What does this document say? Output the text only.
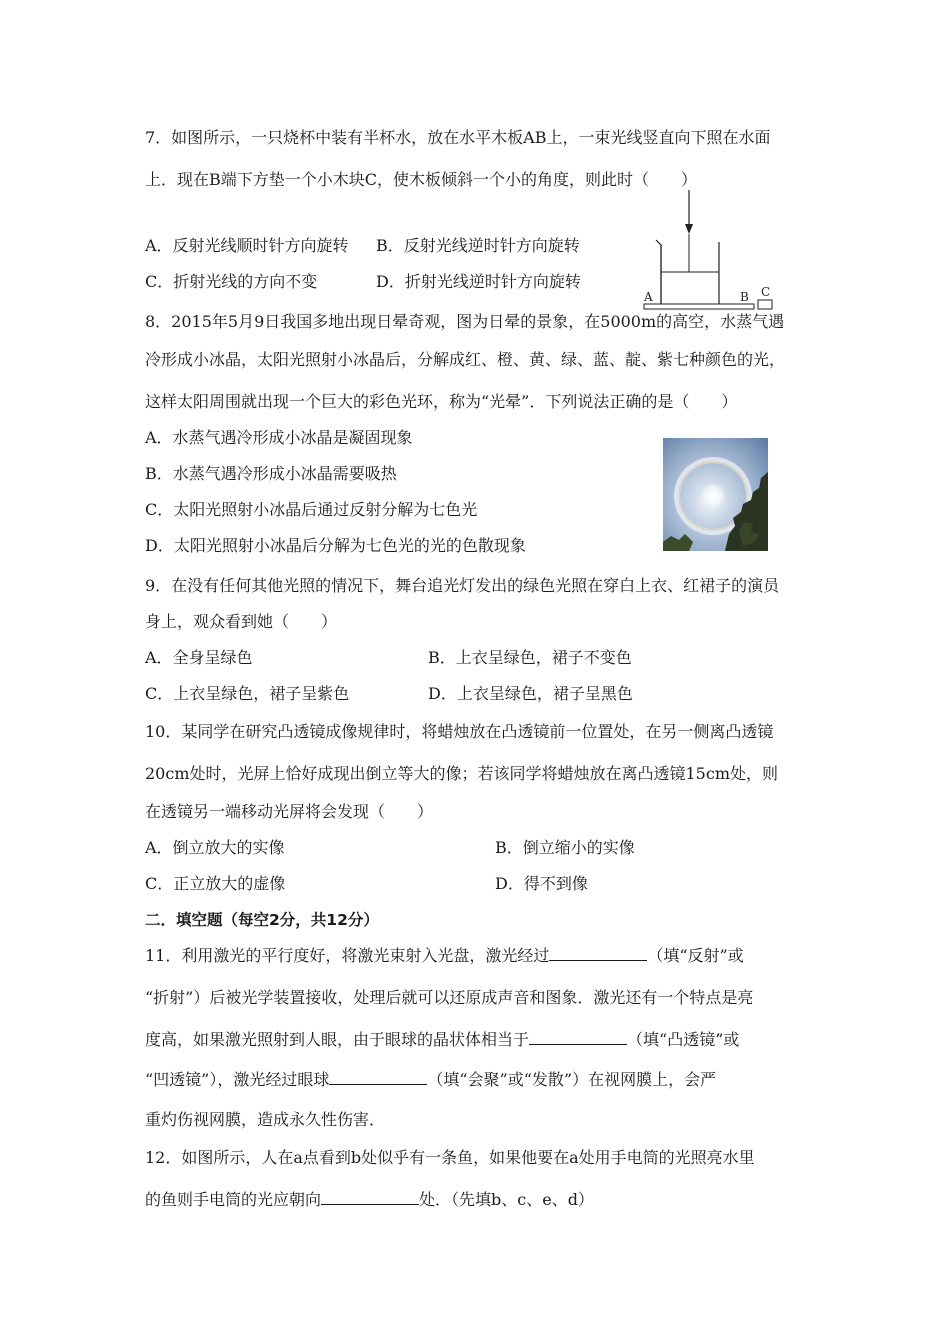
7．如图所示，一只烧杯中装有半杯水，放在水平木板AB上，一束光线竖直向下照在水面
上．现在B端下方垫一个小木块C，使木板倾斜一个小的角度，则此时（　　）
A．反射光线顺时针方向旋转 B．反射光线逆时针方向旋转
C．折射光线的方向不变	D．折射光线逆时针方向旋转
A	B C
8．2015年5月9日我国多地出现日晕奇观，图为日晕的景象，在5000m的高空，水蒸气遇
冷形成小冰晶，太阳光照射小冰晶后，分解成红、橙、黄、绿、蓝、靛、紫七种颜色的光，
这样太阳周围就出现一个巨大的彩色光环，称为“光晕”．下列说法正确的是（　　）
A．水蒸气遇冷形成小冰晶是凝固现象
B．水蒸气遇冷形成小冰晶需要吸热
C．太阳光照射小冰晶后通过反射分解为七色光
D．太阳光照射小冰晶后分解为七色光的光的色散现象
9．在没有任何其他光照的情况下，舞台追光灯发出的绿色光照在穿白上衣、红裙子的演员
身上，观众看到她（　　）
A．全身呈绿色	B．上衣呈绿色，裙子不变色
C．上衣呈绿色，裙子呈紫色	D．上衣呈绿色，裙子呈黑色
10．某同学在研究凸透镜成像规律时，将蜡烛放在凸透镜前一位置处，在另一侧离凸透镜
20cm处时，光屏上恰好成现出倒立等大的像；若该同学将蜡烛放在离凸透镜15cm处，则
在透镜另一端移动光屏将会发现（　　）
A．倒立放大的实像	B．倒立缩小的实像
C．正立放大的虚像	D．得不到像
二．填空题（每空2分，共12分）
11．利用激光的平行度好，将激光束射入光盘，激光经过	（填“反射”或
“折射”）后被光学装置接收，处理后就可以还原成声音和图象．激光还有一个特点是亮
度高，如果激光照射到人眼，由于眼球的晶状体相当于	（填“凸透镜”或
“凹透镜”），激光经过眼球	（填“会聚”或“发散”）在视网膜上，会严
重灼伤视网膜，造成永久性伤害．
12．如图所示，人在a点看到b处似乎有一条鱼，如果他要在a处用手电筒的光照亮水里
的鱼则手电筒的光应朝向	处．（先填b、c、e、d）
